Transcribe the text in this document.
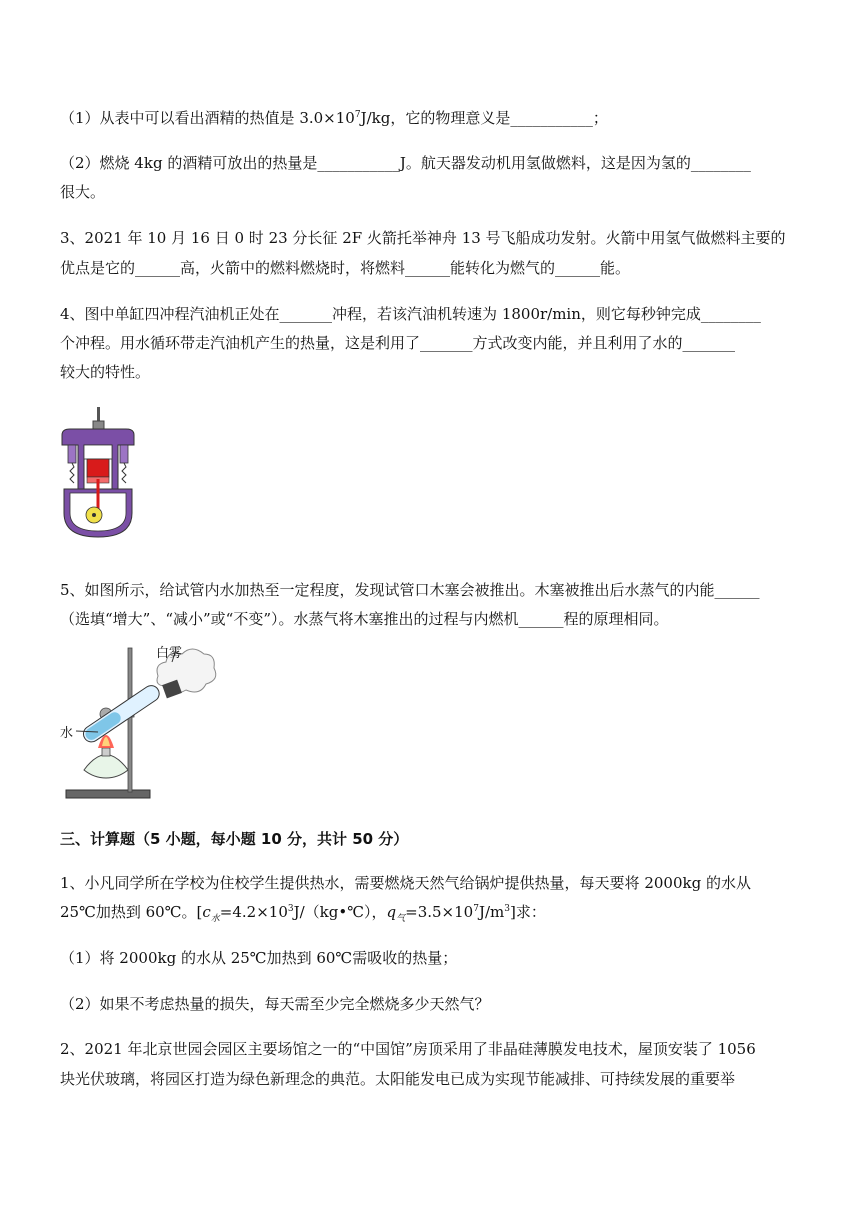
（1）从表中可以看出酒精的热值是 $3.0\times 10^7J/kg$，它的物理意义是___________；
（2）燃烧 4kg 的酒精可放出的热量是___________J。航天器发动机用氢做燃料，这是因为氢的________
很大。
3、2021 年 10 月 16 日 0 时 23 分长征 2F 火箭托举神舟 13 号飞船成功发射。火箭中用氢气做燃料主要的
优点是它的______高，火箭中的燃料燃烧时，将燃料______能转化为燃气的______能。
4、图中单缸四冲程汽油机正处在_______冲程，若该汽油机转速为 1800r/min，则它每秒钟完成________
个冲程。用水循环带走汽油机产生的热量，这是利用了_______方式改变内能，并且利用了水的_______
较大的特性。
5、如图所示，给试管内水加热至一定程度，发现试管口木塞会被推出。木塞被推出后水蒸气的内能______
（选填“增大”、“减小”或“不变”）。水蒸气将木塞推出的过程与内燃机______程的原理相同。
白雾
水
三、计算题（5 小题，每小题 10 分，共计 50 分）
1、小凡同学所在学校为住校学生提供热水，需要燃烧天然气给锅炉提供热量，每天要将 2000kg 的水从
25℃加热到 60℃。[$c_水=4.2\times 10^3J/(kg•℃)$，$q_气=3.5\times 10^7J/m^3$]求：
（1）将 2000kg 的水从 25℃加热到 60℃需吸收的热量；
（2）如果不考虑热量的损失，每天需至少完全燃烧多少天然气？
2、2021 年北京世园会园区主要场馆之一的“中国馆”房顶采用了非晶硅薄膜发电技术，屋顶安装了 1056
块光伏玻璃，将园区打造为绿色新理念的典范。太阳能发电已成为实现节能减排、可持续发展的重要举
